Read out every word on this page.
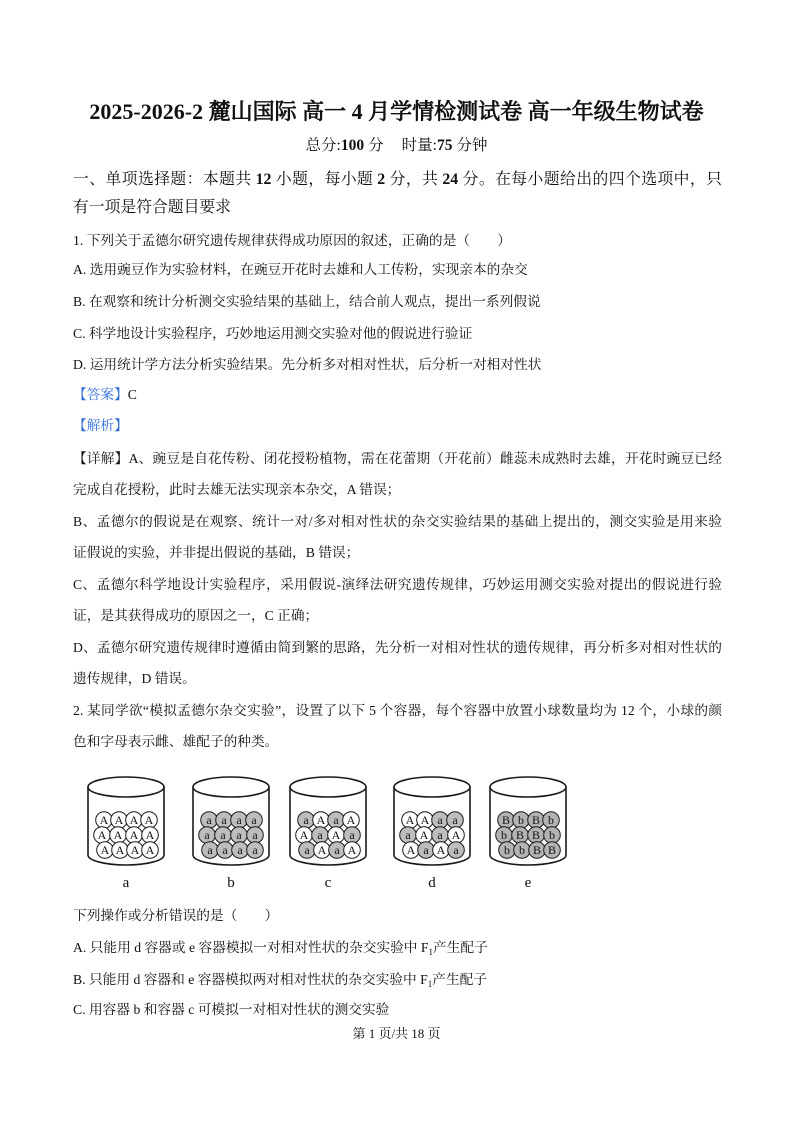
2025-2026-2 麓山国际 高一 4 月学情检测试卷 高一年级生物试卷
总分:100 分 时量:75 分钟
一、单项选择题：本题共 12 小题，每小题 2 分，共 24 分。在每小题给出的四个选项中，只
有一项是符合题目要求
1. 下列关于孟德尔研究遗传规律获得成功原因的叙述，正确的是（　　）
A. 选用豌豆作为实验材料，在豌豆开花时去雄和人工传粉，实现亲本的杂交
B. 在观察和统计分析测交实验结果的基础上，结合前人观点，提出一系列假说
C. 科学地设计实验程序，巧妙地运用测交实验对他的假说进行验证
D. 运用统计学方法分析实验结果。先分析多对相对性状，后分析一对相对性状
【答案】C
【解析】
【详解】A、豌豆是自花传粉、闭花授粉植物，需在花蕾期（开花前）雌蕊未成熟时去雄，开花时豌豆已经
完成自花授粉，此时去雄无法实现亲本杂交，A 错误；
B、孟德尔的假说是在观察、统计一对/多对相对性状的杂交实验结果的基础上提出的，测交实验是用来验
证假说的实验，并非提出假说的基础，B 错误；
C、孟德尔科学地设计实验程序，采用假说-演绎法研究遗传规律，巧妙运用测交实验对提出的假说进行验
证，是其获得成功的原因之一，C 正确；
D、孟德尔研究遗传规律时遵循由简到繁的思路，先分析一对相对性状的遗传规律，再分析多对相对性状的
遗传规律，D 错误。
2. 某同学欲“模拟孟德尔杂交实验”，设置了以下 5 个容器，每个容器中放置小球数量均为 12 个，小球的颜
色和字母表示雌、雄配子的种类。
A A A A
A A A A
A A A A
a
a a a a
a a a a
a a a a
b
a A a A
A a A a
a A a A
c
A A a a
a A a A
A a A a
d
B b B b
b B B b
b b B B
e
下列操作或分析错误的是（　　）
A. 只能用 d 容器或 e 容器模拟一对相对性状的杂交实验中 $F_1$产生配子
B. 只能用 d 容器和 e 容器模拟两对相对性状的杂交实验中 $F_1$产生配子
C. 用容器 b 和容器 c 可模拟一对相对性状的测交实验
第 1 页/共 18 页
